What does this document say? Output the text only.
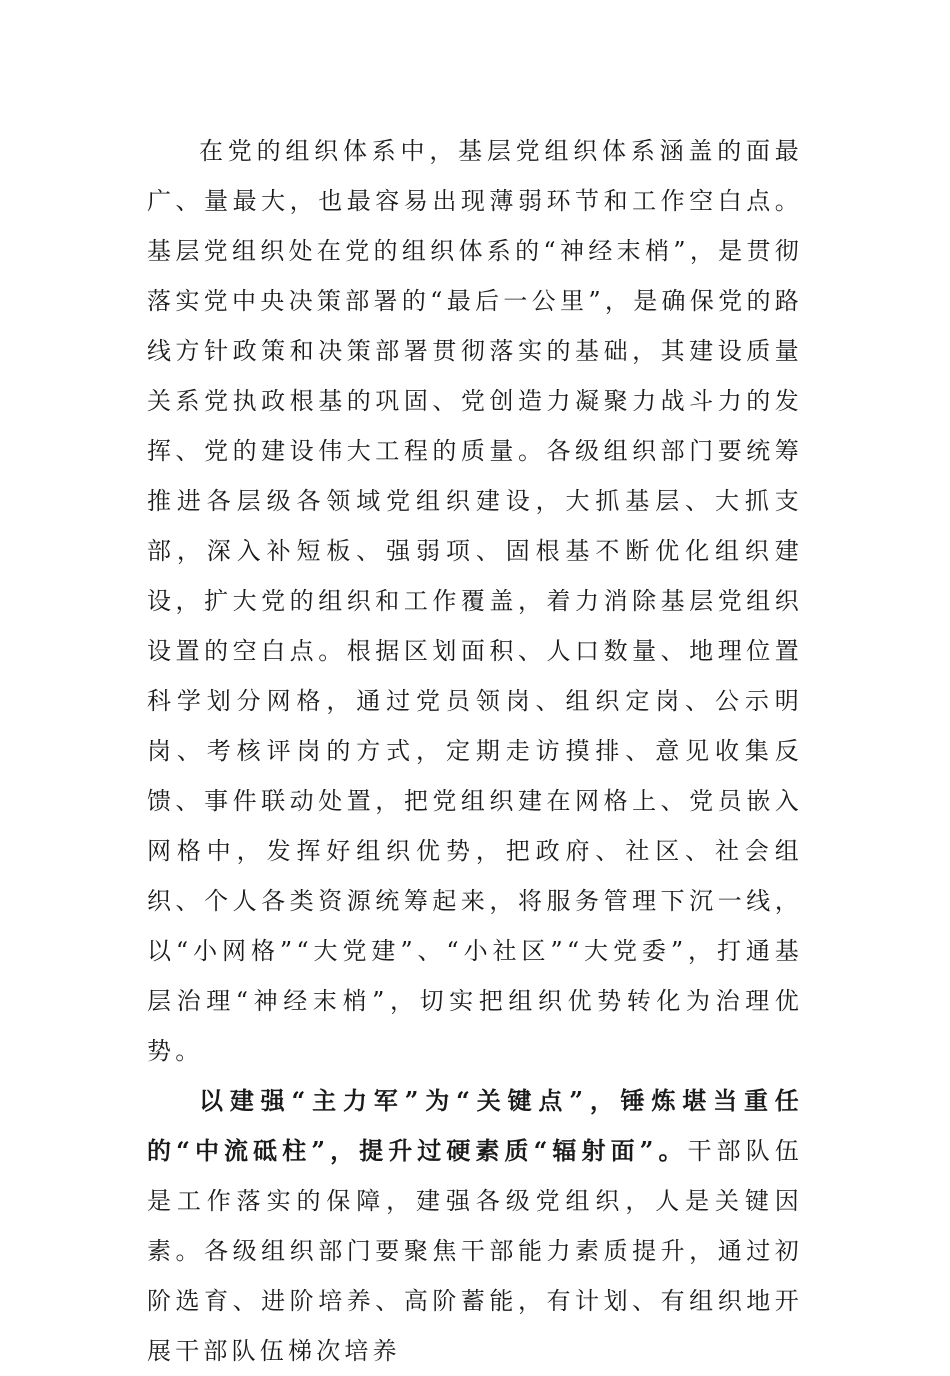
在党的组织体系中，基层党组织体系涵盖的面最广、量最大，也最容易出现薄弱环节和工作空白点。基层党组织处在党的组织体系的“神经末梢”，是贯彻落实党中央决策部署的“最后一公里”，是确保党的路线方针政策和决策部署贯彻落实的基础，其建设质量关系党执政根基的巩固、党创造力凝聚力战斗力的发挥、党的建设伟大工程的质量。各级组织部门要统筹推进各层级各领域党组织建设，大抓基层、大抓支部，深入补短板、强弱项、固根基不断优化组织建设，扩大党的组织和工作覆盖，着力消除基层党组织设置的空白点。根据区划面积、人口数量、地理位置科学划分网格，通过党员领岗、组织定岗、公示明岗、考核评岗的方式，定期走访摸排、意见收集反馈、事件联动处置，把党组织建在网格上、党员嵌入网格中，发挥好组织优势，把政府、社区、社会组织、个人各类资源统筹起来，将服务管理下沉一线，以“小网格”“大党建”、“小社区”“大党委”，打通基层治理“神经末梢”，切实把组织优势转化为治理优势。

以建强“主力军”为“关键点”，锤炼堪当重任的“中流砥柱”，提升过硬素质“辐射面”。干部队伍是工作落实的保障，建强各级党组织，人是关键因素。各级组织部门要聚焦干部能力素质提升，通过初阶选育、进阶培养、高阶蓄能，有计划、有组织地开展干部队伍梯次培养
